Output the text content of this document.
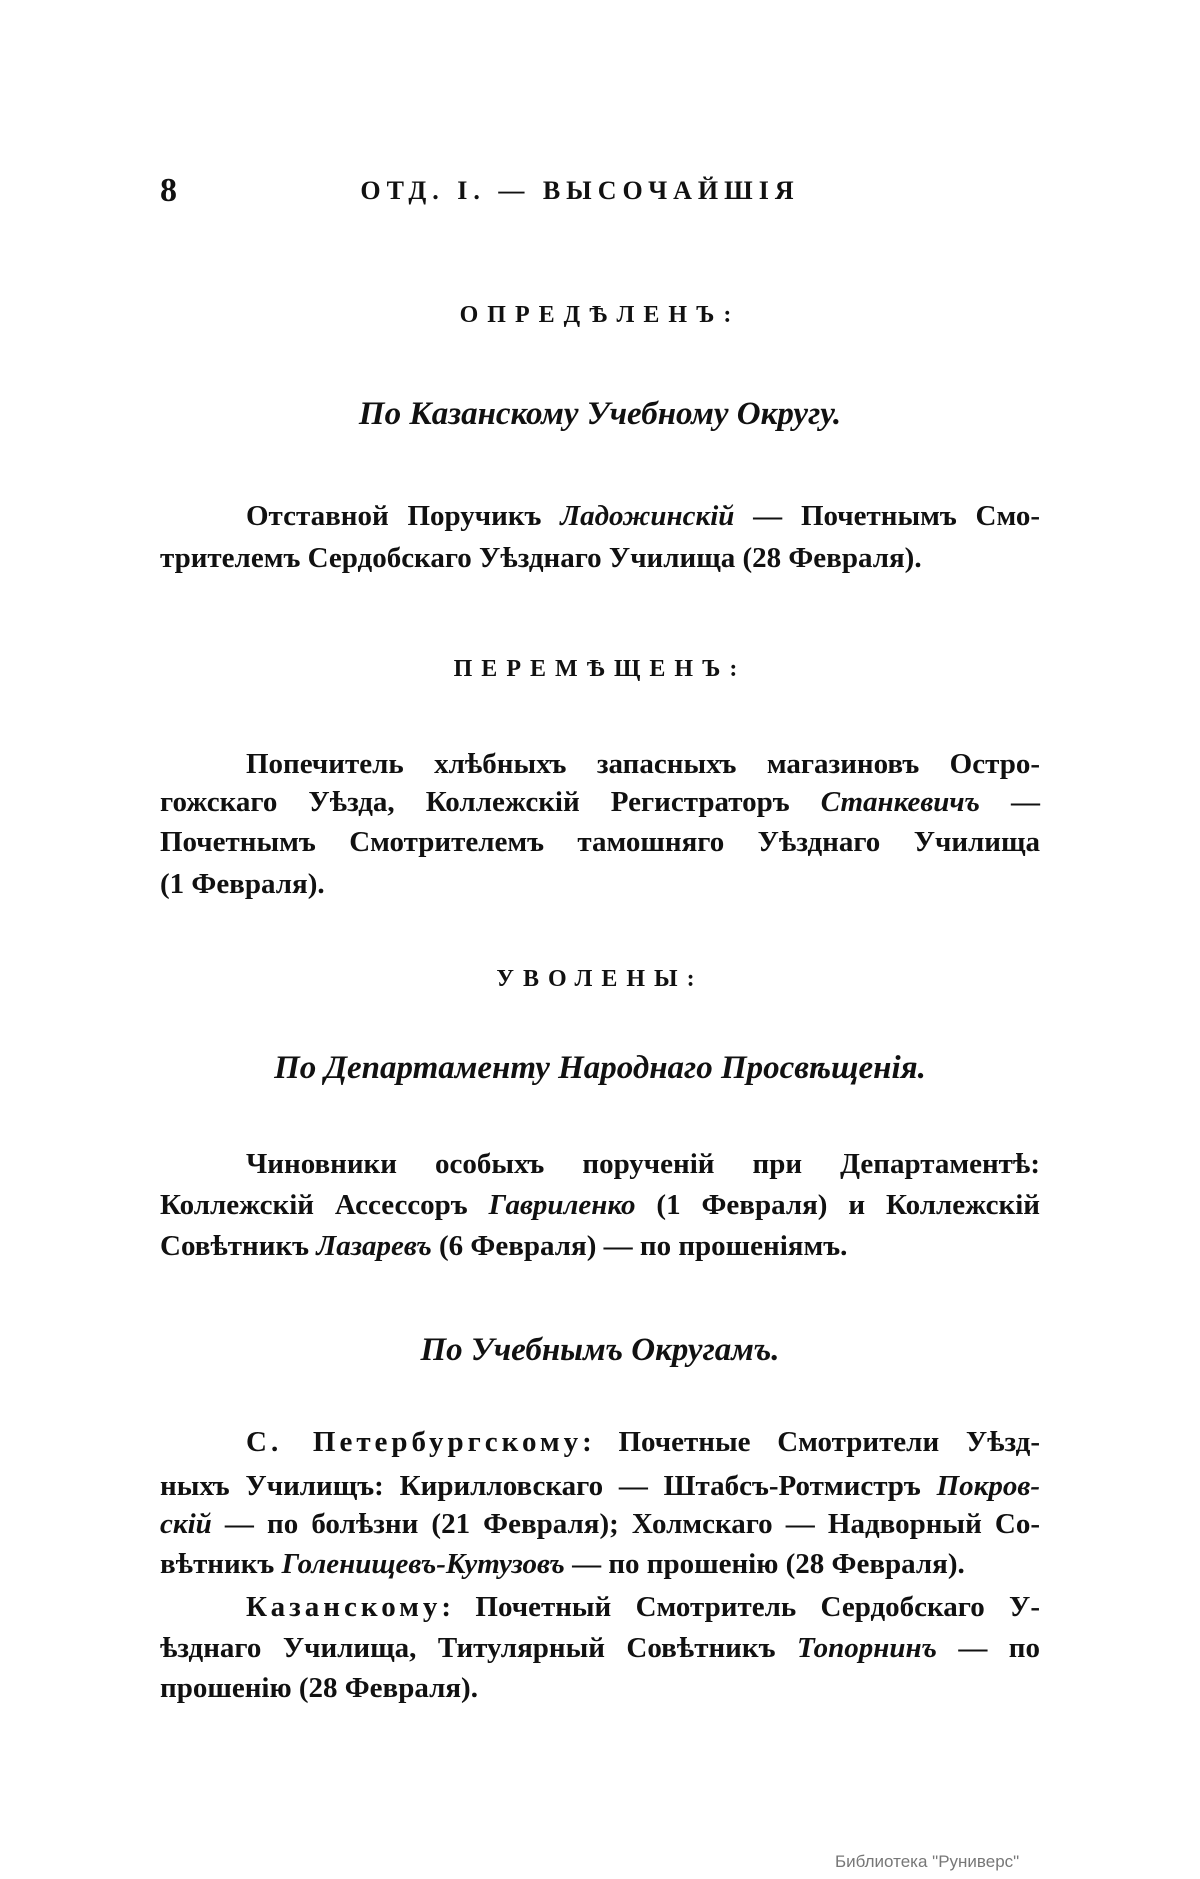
8	ОТД. I. — ВЫСОЧАЙШІЯ
ОПРЕДѢЛЕНЪ:
По Казанскому Учебному Округу.
ПЕРЕМѢЩЕНЪ:
УВОЛЕНЫ:
По Департаменту Народнаго Просвѣщенія.
По Учебнымъ Округамъ.
Отставной Поручикъ Ладожинскій — Почетнымъ Смо-
трителемъ Сердобскаго Уѣзднаго Училища (28 Февраля).
Попечитель хлѣбныхъ запасныхъ магазиновъ Остро-
гожскаго Уѣзда, Коллежскій Регистраторъ Станкевичъ —
Почетнымъ Смотрителемъ тамошняго Уѣзднаго Училища
(1 Февраля).
Чиновники особыхъ порученій при Департаментѣ:
Коллежскій Ассессоръ Гавриленко (1 Февраля) и Коллежскій
Совѣтникъ Лазаревъ (6 Февраля) — по прошеніямъ.
С. Петербургскому: Почетные Смотрители Уѣзд-
ныхъ Училищъ: Кирилловскаго — Штабсъ-Ротмистръ Покров-
скій — по болѣзни (21 Февраля); Холмскаго — Надворный Со-
вѣтникъ Голенищевъ-Кутузовъ — по прошенію (28 Февраля).
Казанскому: Почетный Смотритель Сердобскаго У-
ѣзднаго Училища, Титулярный Совѣтникъ Топорнинъ — по
прошенію (28 Февраля).
Библиотека "Руниверс"
